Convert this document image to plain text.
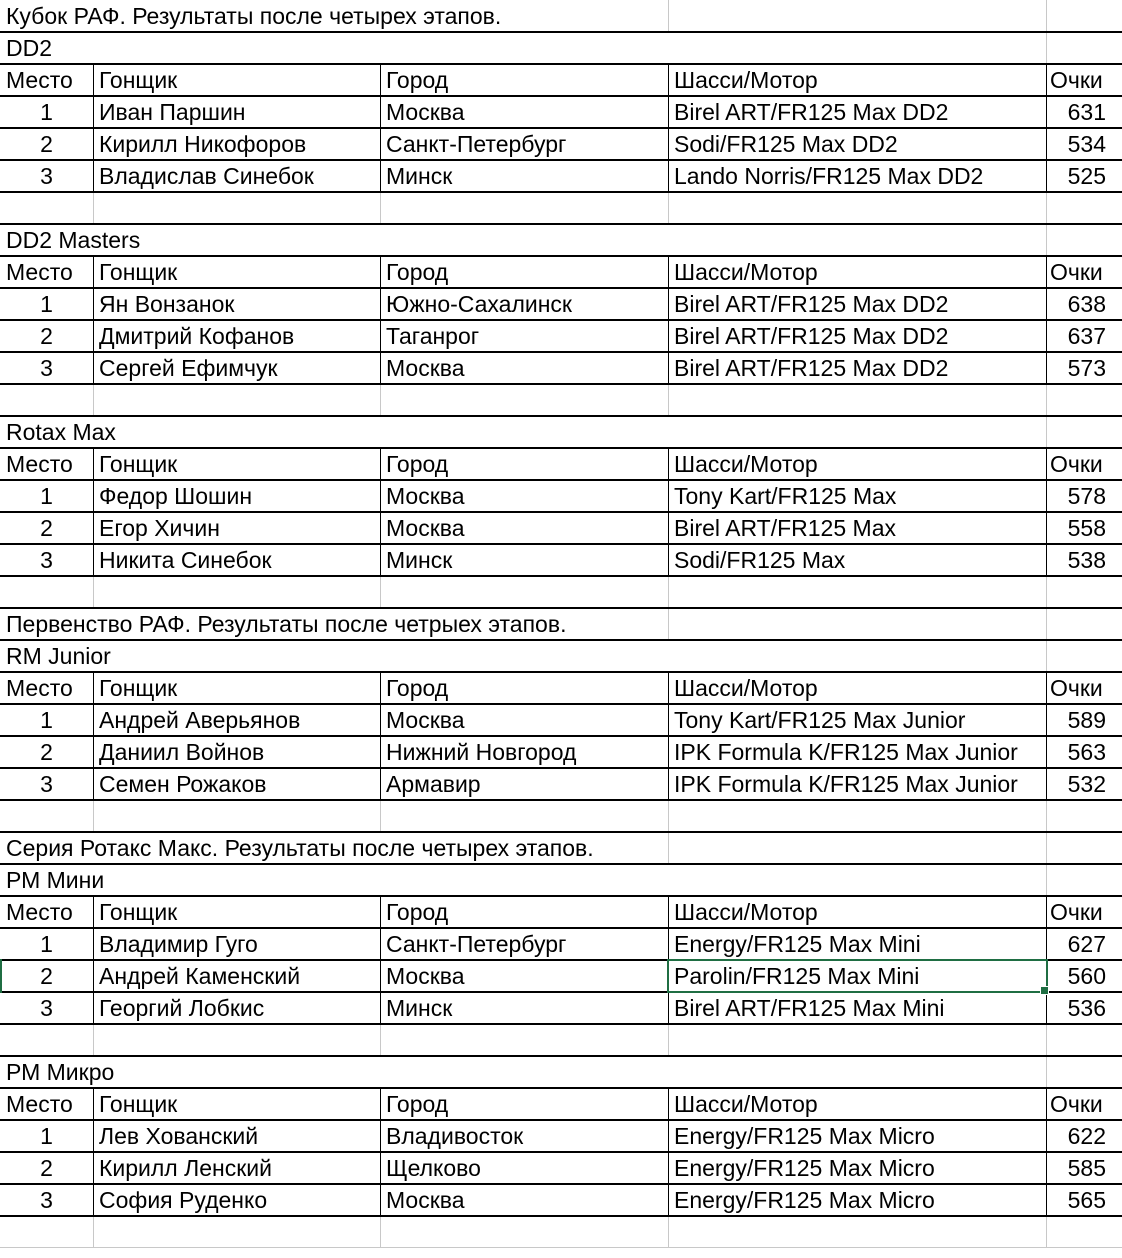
Кубок РАФ. Результаты после четырех этапов.
DD2
Место	Гонщик	Город	Шасси/Мотор	Очки
1	Иван Паршин	Москва	Birel ART/FR125 Max DD2	631
2	Кирилл Никофоров	Санкт-Петербург	Sodi/FR125 Max DD2	534
3	Владислав Синебок	Минск	Lando Norris/FR125 Max DD2	525
DD2 Masters
Место	Гонщик	Город	Шасси/Мотор	Очки
1	Ян Вонзанок	Южно-Сахалинск	Birel ART/FR125 Max DD2	638
2	Дмитрий Кофанов	Таганрог	Birel ART/FR125 Max DD2	637
3	Сергей Ефимчук	Москва	Birel ART/FR125 Max DD2	573
Rotax Max
Место	Гонщик	Город	Шасси/Мотор	Очки
1	Федор Шошин	Москва	Tony Kart/FR125 Max	578
2	Егор Хичин	Москва	Birel ART/FR125 Max	558
3	Никита Синебок	Минск	Sodi/FR125 Max	538
Первенство РАФ. Результаты после четрыех этапов.
RM Junior
Место	Гонщик	Город	Шасси/Мотор	Очки
1	Андрей Аверьянов	Москва	Tony Kart/FR125 Max Junior	589
2	Даниил Войнов	Нижний Новгород	IPK Formula K/FR125 Max Junior	563
3	Семен Рожаков	Армавир	IPK Formula K/FR125 Max Junior	532
Серия Ротакс Макс. Результаты после четырех этапов.
РМ Мини
Место	Гонщик	Город	Шасси/Мотор	Очки
1	Владимир Гуго	Санкт-Петербург	Energy/FR125 Max Mini	627
2	Андрей Каменский	Москва	Parolin/FR125 Max Mini	560
3	Георгий Лобкис	Минск	Birel ART/FR125 Max Mini	536
РМ Микро
Место	Гонщик	Город	Шасси/Мотор	Очки
1	Лев Хованский	Владивосток	Energy/FR125 Max Micro	622
2	Кирилл Ленский	Щелково	Energy/FR125 Max Micro	585
3	София Руденко	Москва	Energy/FR125 Max Micro	565
